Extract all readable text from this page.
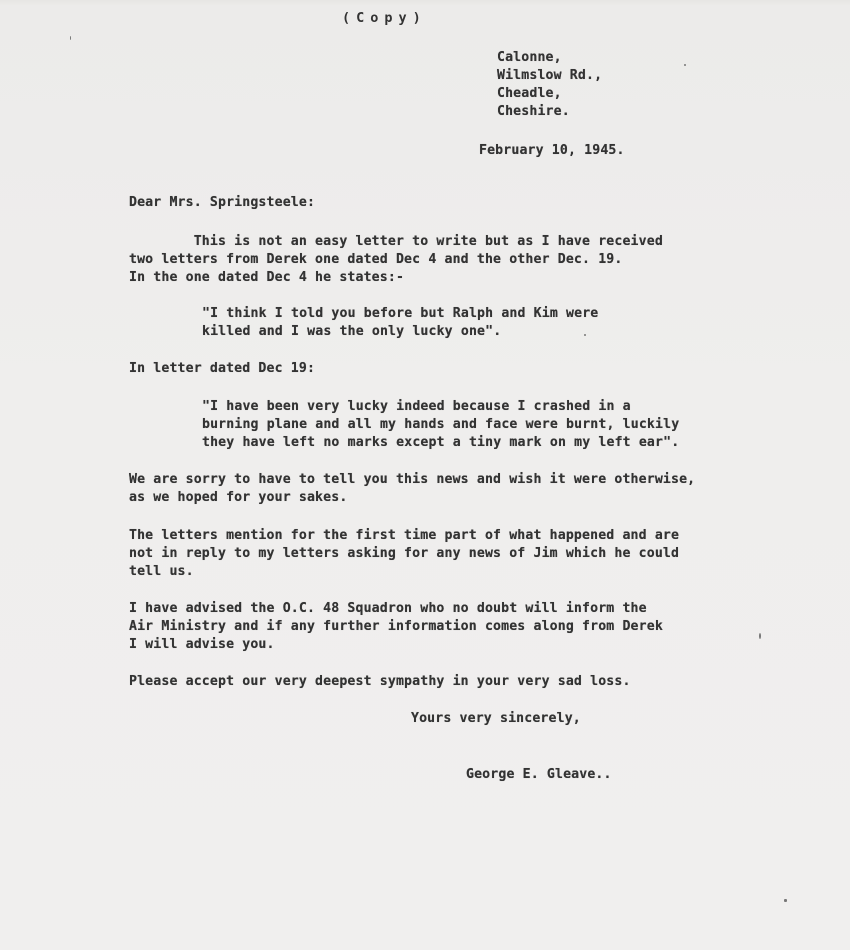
(Copy)
Calonne,
Wilmslow Rd.,
Cheadle,
Cheshire.
February 10, 1945.
Dear Mrs. Springsteele:
This is not an easy letter to write but as I have received
two letters from Derek one dated Dec 4 and the other Dec. 19.
In the one dated Dec 4 he states:-
"I think I told you before but Ralph and Kim were
killed and I was the only lucky one".
In letter dated Dec 19:
"I have been very lucky indeed because I crashed in a
burning plane and all my hands and face were burnt, luckily
they have left no marks except a tiny mark on my left ear".
We are sorry to have to tell you this news and wish it were otherwise,
as we hoped for your sakes.
The letters mention for the first time part of what happened and are
not in reply to my letters asking for any news of Jim which he could
tell us.
I have advised the O.C. 48 Squadron who no doubt will inform the
Air Ministry and if any further information comes along from Derek
I will advise you.
Please accept our very deepest sympathy in your very sad loss.
Yours very sincerely,
George E. Gleave..
